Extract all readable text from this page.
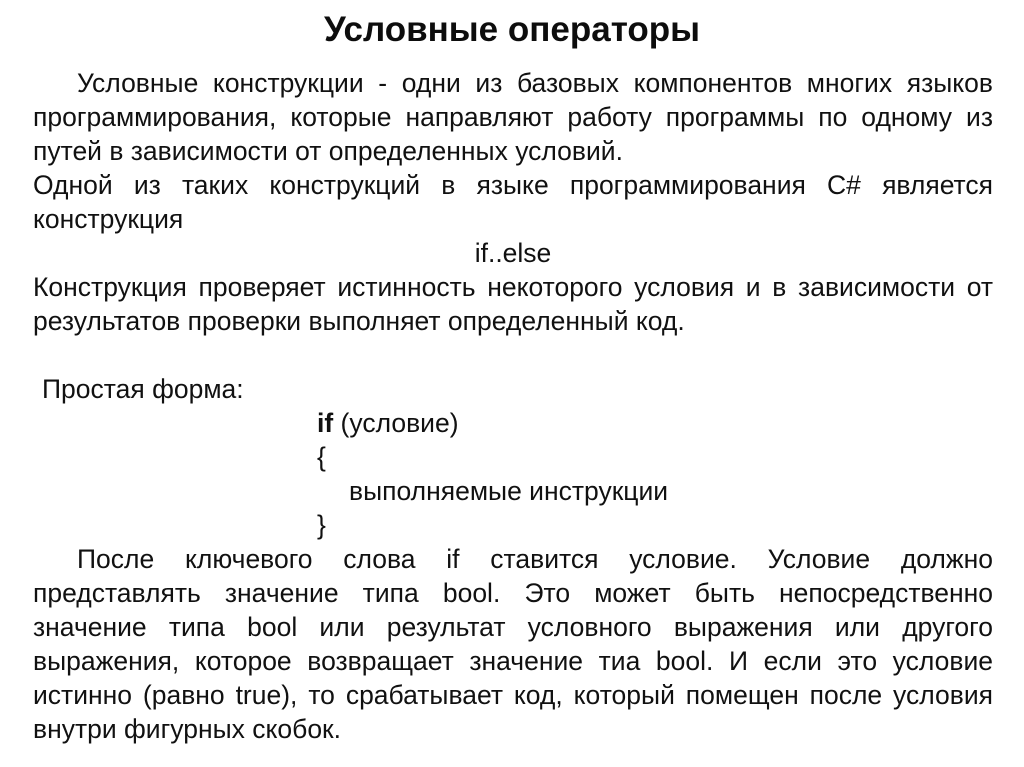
Условные операторы

Условные конструкции - одни из базовых компонентов многих языков программирования, которые направляют работу программы по одному из путей в зависимости от определенных условий.

Одной из таких конструкций в языке программирования C# является конструкция

if..else

Конструкция проверяет истинность некоторого условия и в зависимости от результатов проверки выполняет определенный код.

Простая форма:

if (условие)
{
выполняемые инструкции
}

После ключевого слова if ставится условие. Условие должно представлять значение типа bool. Это может быть непосредственно значение типа bool или результат условного выражения или другого выражения, которое возвращает значение тиа bool. И если это условие истинно (равно true), то срабатывает код, который помещен после условия внутри фигурных скобок.
